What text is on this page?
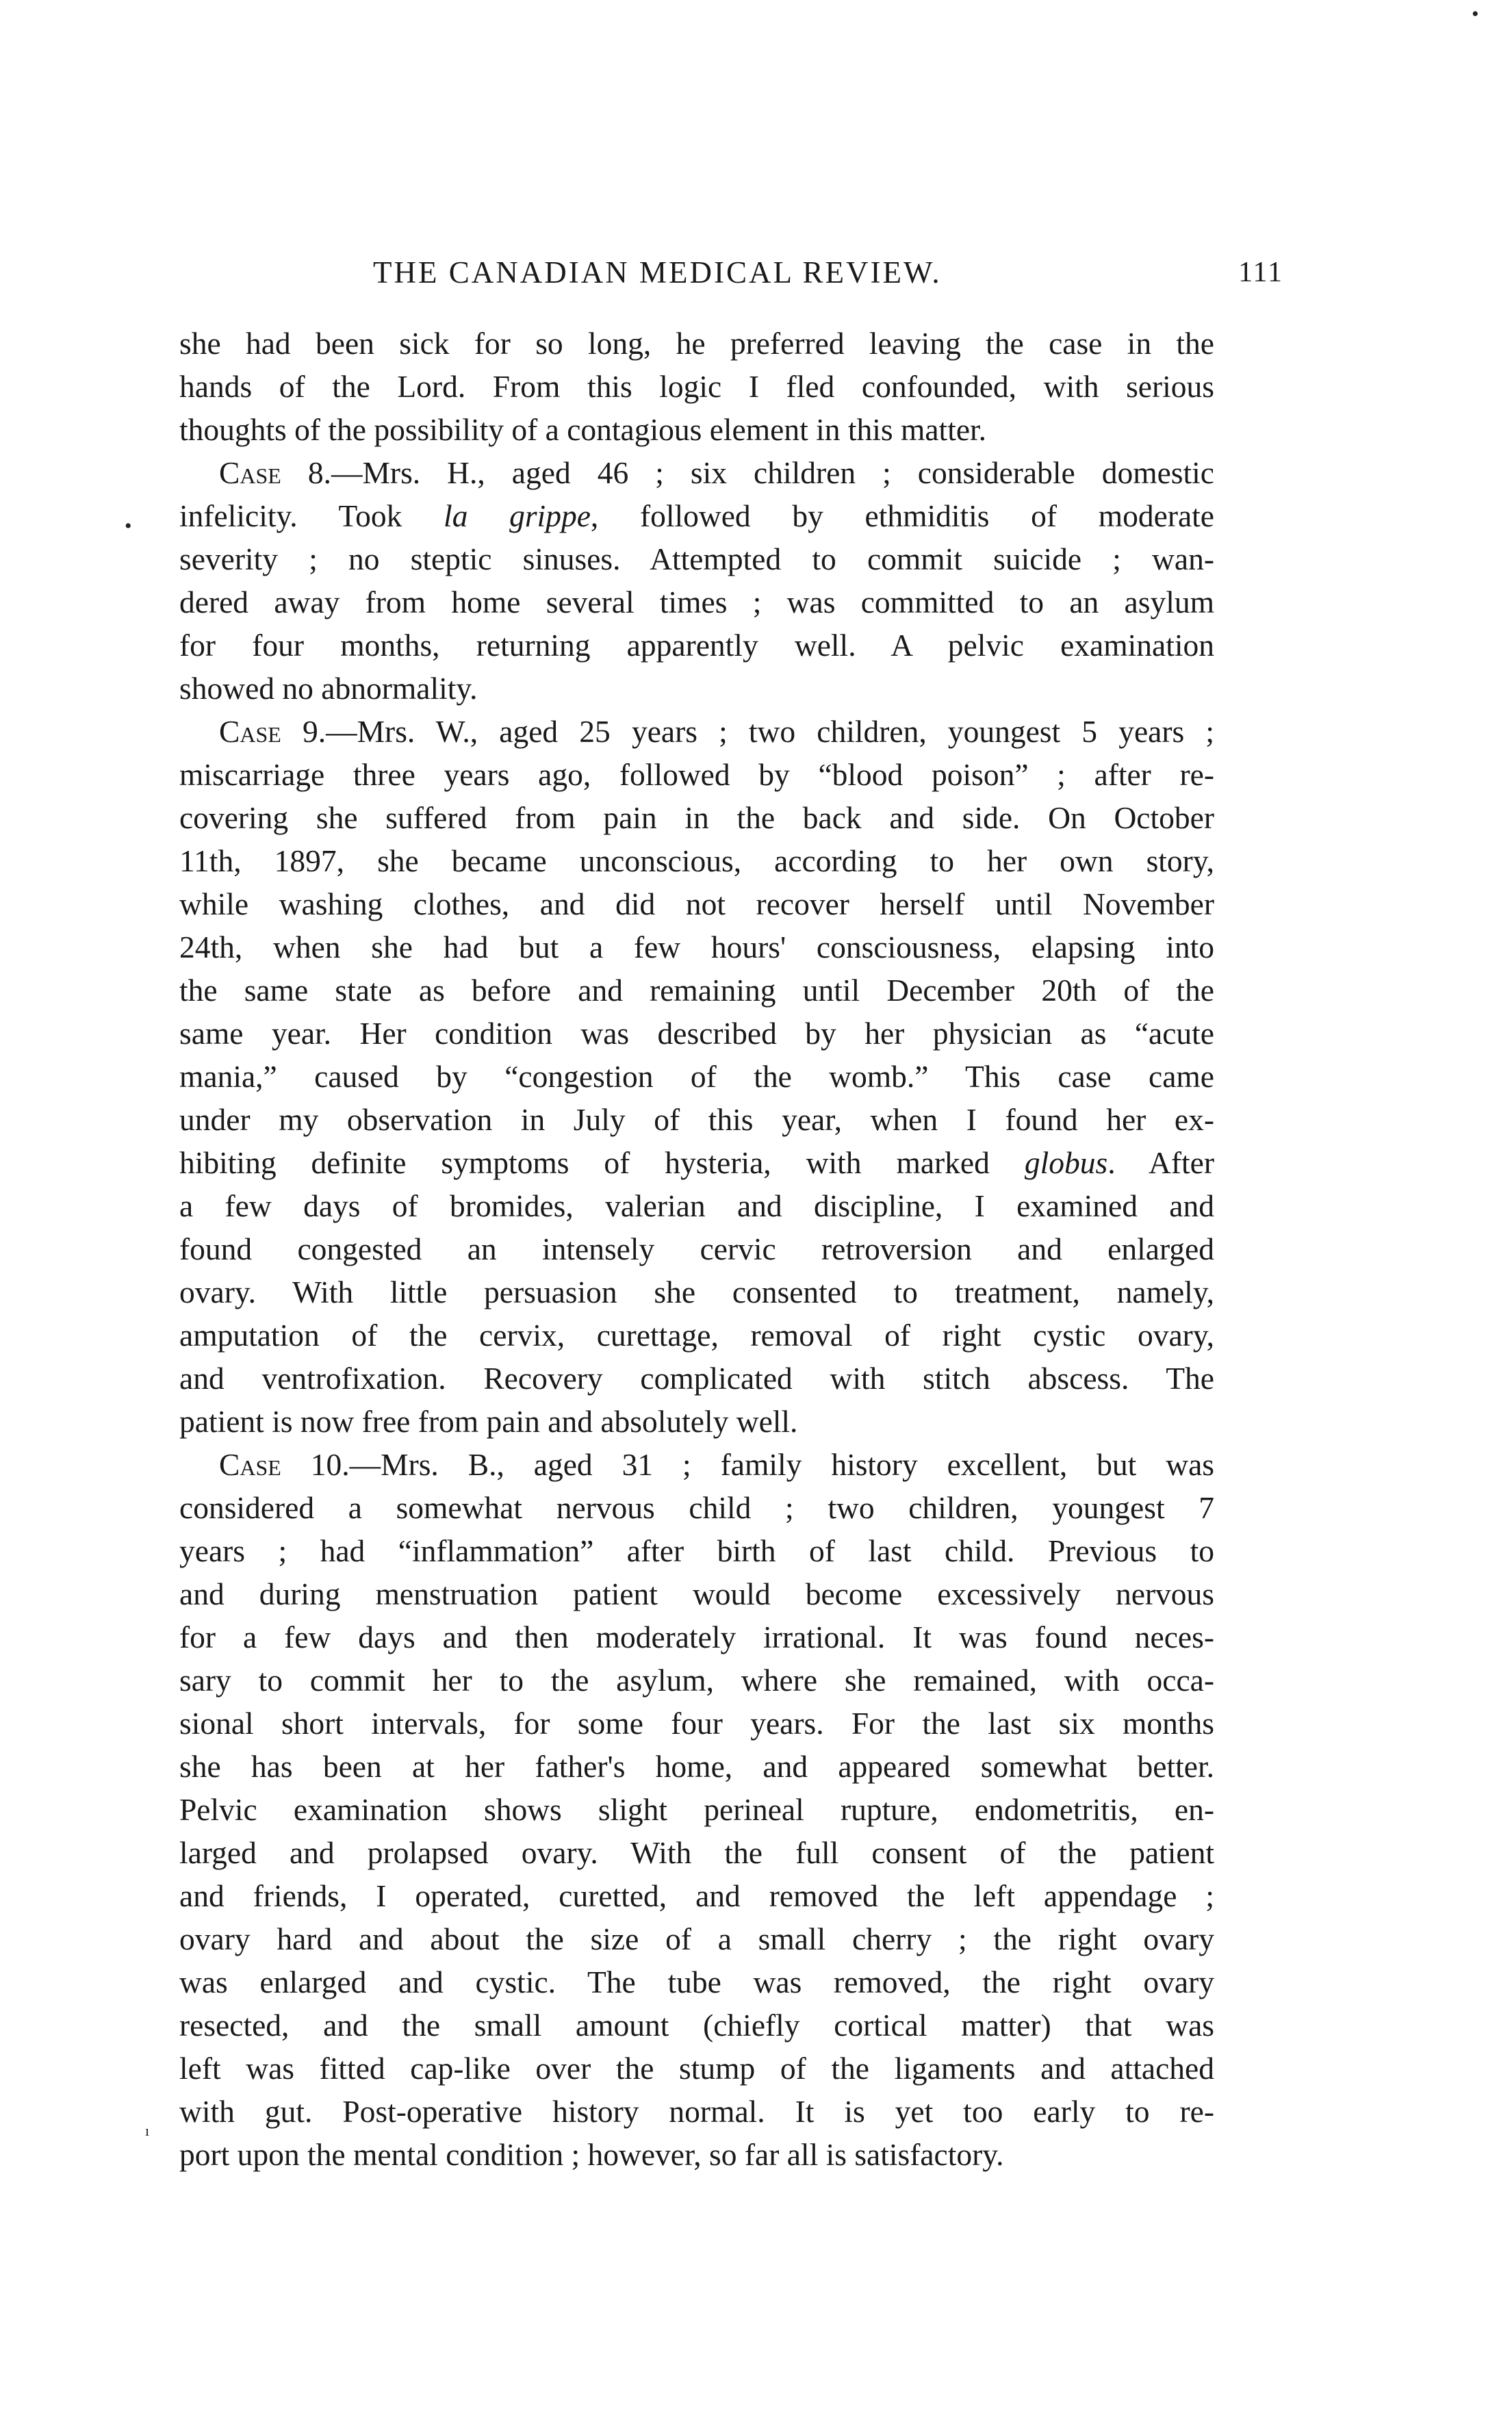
THE CANADIAN MEDICAL REVIEW.	111
•
•
ı
she had been sick for so long, he preferred leaving the case in the
hands of the Lord. From this logic I fled confounded, with serious
thoughts of the possibility of a contagious element in this matter.
Case 8.—Mrs. H., aged 46 ; six children ; considerable domestic
infelicity. Took la grippe, followed by ethmiditis of moderate
severity ; no steptic sinuses. Attempted to commit suicide ; wan-
dered away from home several times ; was committed to an asylum
for four months, returning apparently well. A pelvic examination
showed no abnormality.
Case 9.—Mrs. W., aged 25 years ; two children, youngest 5 years ;
miscarriage three years ago, followed by “blood poison” ; after re-
covering she suffered from pain in the back and side. On October
11th, 1897, she became unconscious, according to her own story,
while washing clothes, and did not recover herself until November
24th, when she had but a few hours' consciousness, elapsing into
the same state as before and remaining until December 20th of the
same year. Her condition was described by her physician as “acute
mania,” caused by “congestion of the womb.” This case came
under my observation in July of this year, when I found her ex-
hibiting definite symptoms of hysteria, with marked globus. After
a few days of bromides, valerian and discipline, I examined and
found congested an intensely cervic retroversion and enlarged
ovary. With little persuasion she consented to treatment, namely,
amputation of the cervix, curettage, removal of right cystic ovary,
and ventrofixation. Recovery complicated with stitch abscess. The
patient is now free from pain and absolutely well.
Case 10.—Mrs. B., aged 31 ; family history excellent, but was
considered a somewhat nervous child ; two children, youngest 7
years ; had “inflammation” after birth of last child. Previous to
and during menstruation patient would become excessively nervous
for a few days and then moderately irrational. It was found neces-
sary to commit her to the asylum, where she remained, with occa-
sional short intervals, for some four years. For the last six months
she has been at her father's home, and appeared somewhat better.
Pelvic examination shows slight perineal rupture, endometritis, en-
larged and prolapsed ovary. With the full consent of the patient
and friends, I operated, curetted, and removed the left appendage ;
ovary hard and about the size of a small cherry ; the right ovary
was enlarged and cystic. The tube was removed, the right ovary
resected, and the small amount (chiefly cortical matter) that was
left was fitted cap-like over the stump of the ligaments and attached
with gut. Post-operative history normal. It is yet too early to re-
port upon the mental condition ; however, so far all is satisfactory.
